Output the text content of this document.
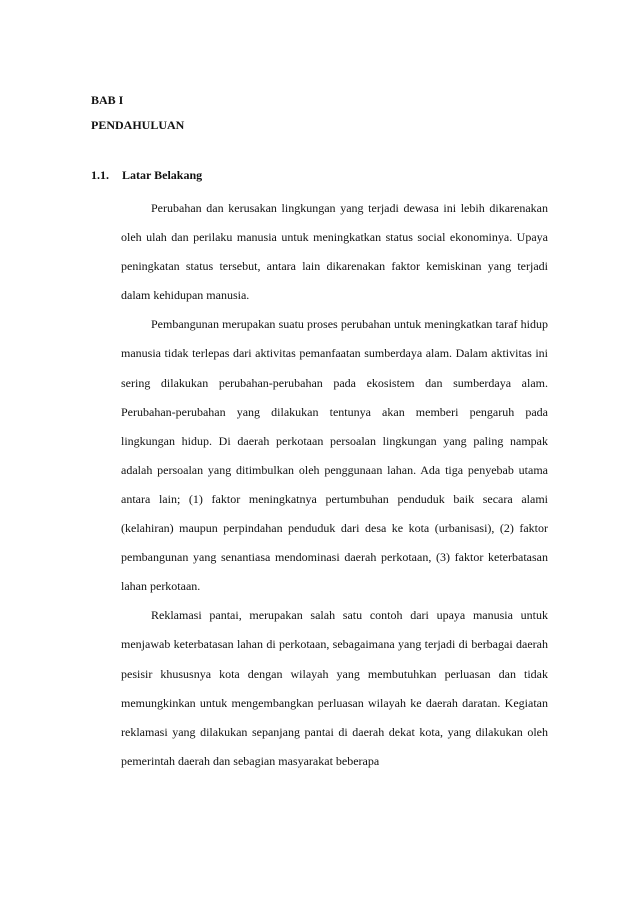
BAB I
PENDAHULUAN
1.1. Latar Belakang

Perubahan dan kerusakan lingkungan yang terjadi dewasa ini lebih dikarenakan oleh ulah dan perilaku manusia untuk meningkatkan status social ekonominya. Upaya peningkatan status tersebut, antara lain dikarenakan faktor kemiskinan yang terjadi dalam kehidupan manusia.

Pembangunan merupakan suatu proses perubahan untuk meningkatkan taraf hidup manusia tidak terlepas dari aktivitas pemanfaatan sumberdaya alam. Dalam aktivitas ini sering dilakukan perubahan-perubahan pada ekosistem dan sumberdaya alam. Perubahan-perubahan yang dilakukan tentunya akan memberi pengaruh pada lingkungan hidup. Di daerah perkotaan persoalan lingkungan yang paling nampak adalah persoalan yang ditimbulkan oleh penggunaan lahan. Ada tiga penyebab utama antara lain; (1) faktor meningkatnya pertumbuhan penduduk baik secara alami (kelahiran) maupun perpindahan penduduk dari desa ke kota (urbanisasi), (2) faktor pembangunan yang senantiasa mendominasi daerah perkotaan, (3) faktor keterbatasan lahan perkotaan.

Reklamasi pantai, merupakan salah satu contoh dari upaya manusia untuk menjawab keterbatasan lahan di perkotaan, sebagaimana yang terjadi di berbagai daerah pesisir khususnya kota dengan wilayah yang membutuhkan perluasan dan tidak memungkinkan untuk mengembangkan perluasan wilayah ke daerah daratan. Kegiatan reklamasi yang dilakukan sepanjang pantai di daerah dekat kota, yang dilakukan oleh pemerintah daerah dan sebagian masyarakat beberapa
